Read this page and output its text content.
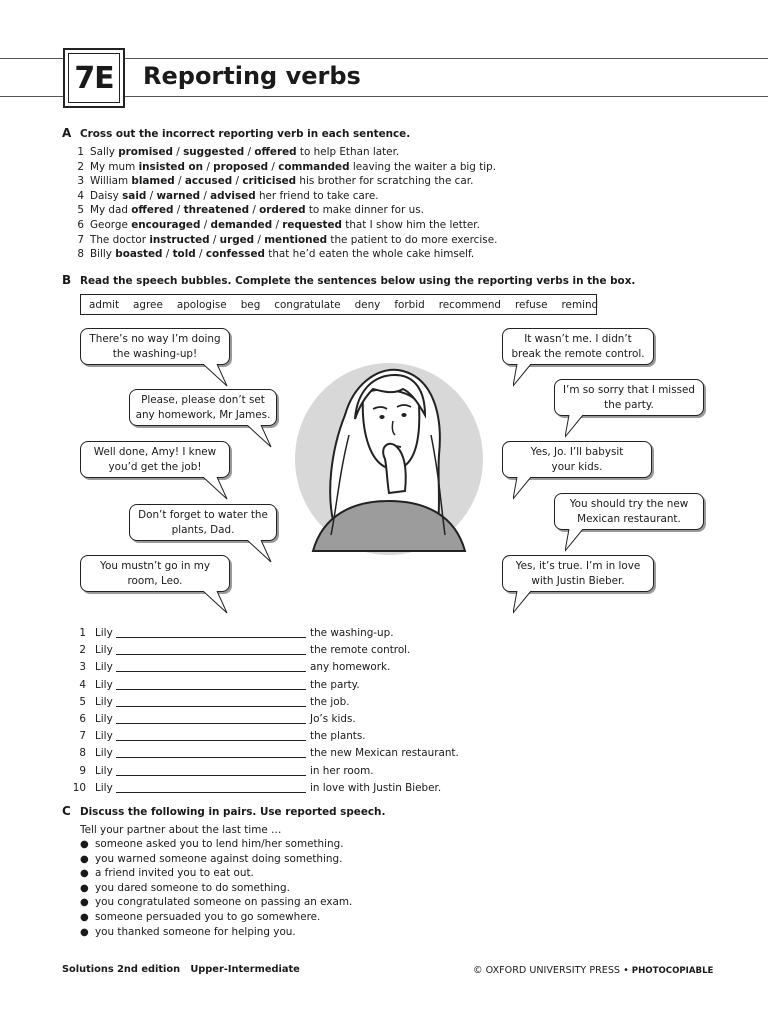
7E Reporting verbs
A Cross out the incorrect reporting verb in each sentence.
1 Sally promised / suggested / offered to help Ethan later.
2 My mum insisted on / proposed / commanded leaving the waiter a big tip.
3 William blamed / accused / criticised his brother for scratching the car.
4 Daisy said / warned / advised her friend to take care.
5 My dad offered / threatened / ordered to make dinner for us.
6 George encouraged / demanded / requested that I show him the letter.
7 The doctor instructed / urged / mentioned the patient to do more exercise.
8 Billy boasted / told / confessed that he’d eaten the whole cake himself.
B Read the speech bubbles. Complete the sentences below using the reporting verbs in the box.
admit agree apologise beg congratulate deny forbid recommend refuse remind
There’s no way I’m doing
the washing-up!
Please, please don’t set
any homework, Mr James.
Well done, Amy! I knew
you’d get the job!
Don’t forget to water the
plants, Dad.
You mustn’t go in my
room, Leo.
It wasn’t me. I didn’t
break the remote control.
I’m so sorry that I missed
the party.
Yes, Jo. I’ll babysit
your kids.
You should try the new
Mexican restaurant.
Yes, it’s true. I’m in love
with Justin Bieber.
1 Lily	the washing-up.
2 Lily	the remote control.
3 Lily	any homework.
4 Lily	the party.
5 Lily	the job.
6 Lily	Jo’s kids.
7 Lily	the plants.
8 Lily	the new Mexican restaurant.
9 Lily	in her room.
10 Lily	in love with Justin Bieber.
C Discuss the following in pairs. Use reported speech.
Tell your partner about the last time …
● someone asked you to lend him/her something.
● you warned someone against doing something.
● a friend invited you to eat out.
● you dared someone to do something.
● you congratulated someone on passing an exam.
● someone persuaded you to go somewhere.
● you thanked someone for helping you.
Solutions 2nd edition   Upper-Intermediate	© OXFORD UNIVERSITY PRESS • PHOTOCOPIABLE
